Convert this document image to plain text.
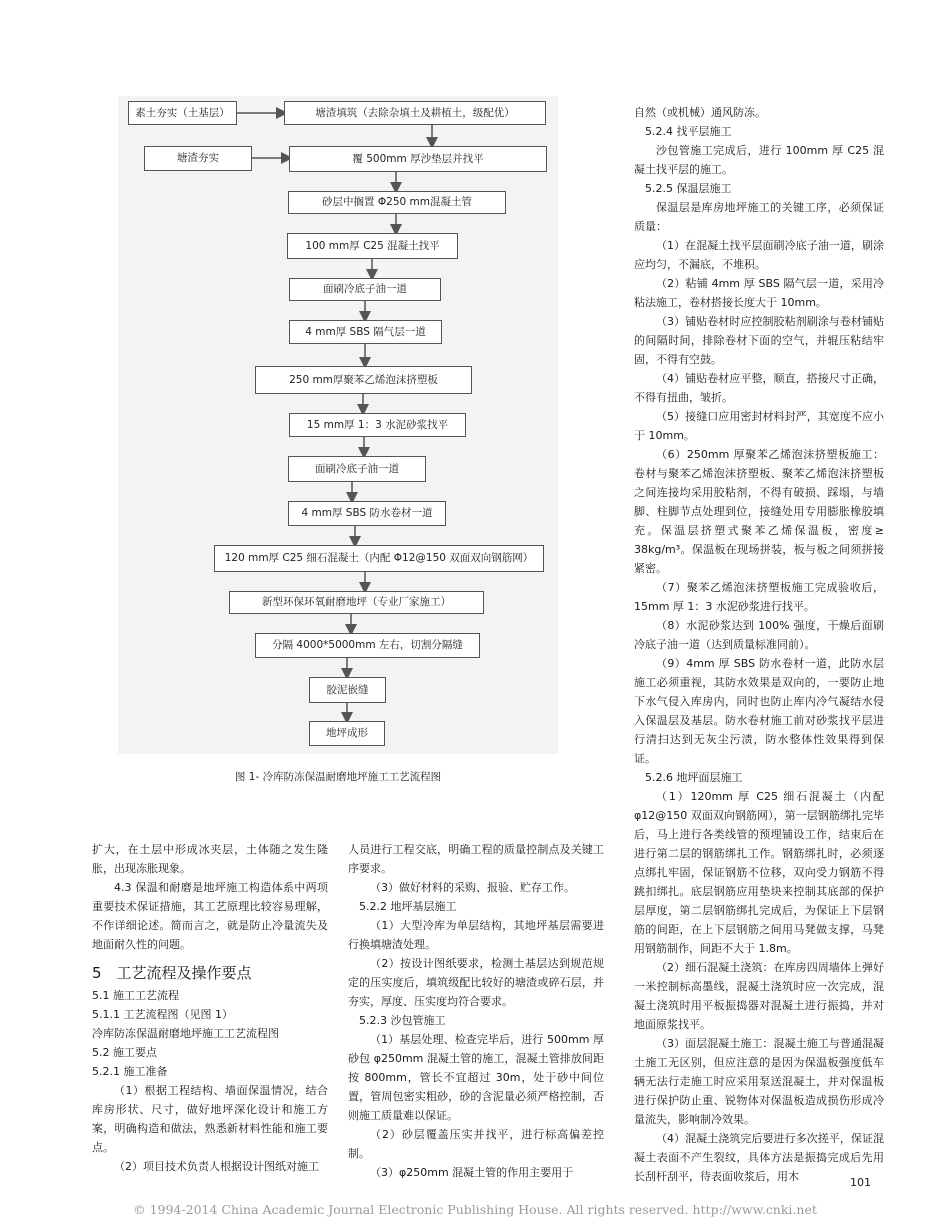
素土夯实（土基层）	塘渣填筑（去除杂填土及耕植土，级配优）
塘渣夯实	覆 500mm 厚沙垫层并找平
砂层中搁置 Φ250 mm混凝土管
100 mm厚 C25 混凝土找平
面刷冷底子油一道
4 mm厚 SBS 隔气层一道
250 mm厚聚苯乙烯泡沫挤塑板
15 mm厚 1：3 水泥砂浆找平
面刷冷底子油一道
4 mm厚 SBS 防水卷材一道
120 mm厚 C25 细石混凝土（内配 Φ12@150 双面双向钢筋网）
新型环保环氧耐磨地坪（专业厂家施工）
分隔 4000*5000mm 左右，切割分隔缝
胶泥嵌缝
地坪成形
图 1- 冷库防冻保温耐磨地坪施工工艺流程图

扩大，在土层中形成冰夹层，土体随之发生隆胀，出现冻胀现象。

4.3 保温和耐磨是地坪施工构造体系中两项重要技术保证措施，其工艺原理比较容易理解，不作详细论述。简而言之，就是防止冷量流失及地面耐久性的问题。

5　工艺流程及操作要点

5.1 施工工艺流程

5.1.1 工艺流程图（见图 1）

冷库防冻保温耐磨地坪施工工艺流程图

5.2 施工要点

5.2.1 施工准备

（1）根据工程结构、墙面保温情况，结合库房形状、尺寸，做好地坪深化设计和施工方案，明确构造和做法，熟悉新材料性能和施工要点。

（2）项目技术负责人根据设计图纸对施工

人员进行工程交底，明确工程的质量控制点及关键工序要求。

（3）做好材料的采购、报验、贮存工作。

5.2.2 地坪基层施工

（1）大型冷库为单层结构，其地坪基层需要进行换填塘渣处理。

（2）按设计图纸要求，检测土基层达到规范规定的压实度后，填筑级配比较好的塘渣或碎石层，并夯实，厚度、压实度均符合要求。

5.2.3 沙包管施工

（1）基层处理、检查完毕后，进行 500mm 厚砂包 φ250mm 混凝土管的施工，混凝土管排放间距按 800mm，管长不宜超过 30m，处于砂中间位置，管周包密实粗砂，砂的含泥量必须严格控制，否则施工质量难以保证。

（2）砂层覆盖压实并找平，进行标高偏差控制。

（3）φ250mm 混凝土管的作用主要用于

自然（或机械）通风防冻。

5.2.4 找平层施工

沙包管施工完成后，进行 100mm 厚 C25 混凝土找平层的施工。

5.2.5 保温层施工

保温层是库房地坪施工的关键工序，必须保证质量：

（1）在混凝土找平层面刷冷底子油一道，刷涂应均匀，不漏底，不堆积。

（2）粘铺 4mm 厚 SBS 隔气层一道，采用冷粘法施工，卷材搭接长度大于 10mm。

（3）铺贴卷材时应控制胶粘剂刷涂与卷材铺贴的间隔时间，排除卷材下面的空气，并辊压粘结牢固，不得有空鼓。

（4）铺贴卷材应平整，顺直，搭接尺寸正确，不得有扭曲，皱折。

（5）接缝口应用密封材料封严，其宽度不应小于 10mm。

（6）250mm 厚聚苯乙烯泡沫挤塑板施工：卷材与聚苯乙烯泡沫挤塑板、聚苯乙烯泡沫挤塑板之间连接均采用胶粘剂，不得有破损、踩塌，与墙脚、柱脚节点处理到位，接缝处用专用膨胀橡胶填充。保温层挤塑式聚苯乙烯保温板，密度≥ 38kg/m³。保温板在现场拼装，板与板之间须拼接紧密。

（7）聚苯乙烯泡沫挤塑板施工完成验收后，15mm 厚 1：3 水泥砂浆进行找平。

（8）水泥砂浆达到 100% 强度，干燥后面刷冷底子油一道（达到质量标准同前）。

（9）4mm 厚 SBS 防水卷材一道，此防水层施工必须重视，其防水效果是双向的，一要防止地下水气侵入库房内，同时也防止库内冷气凝结水侵入保温层及基层。防水卷材施工前对砂浆找平层进行清扫达到无灰尘污渍，防水整体性效果得到保证。

5.2.6 地坪面层施工

（1）120mm 厚 C25 细石混凝土（内配 φ12@150 双面双向钢筋网），第一层钢筋绑扎完毕后，马上进行各类线管的预埋铺设工作，结束后在进行第二层的钢筋绑扎工作。钢筋绑扎时，必须逐点绑扎牢固，保证钢筋不位移，双向受力钢筋不得跳扣绑扎。底层钢筋应用垫块来控制其底部的保护层厚度，第二层钢筋绑扎完成后，为保证上下层钢筋的间距，在上下层钢筋之间用马凳做支撑，马凳用钢筋制作，间距不大于 1.8m。

（2）细石混凝土浇筑：在库房四周墙体上弹好一米控制标高墨线，混凝土浇筑时应一次完成，混凝土浇筑时用平板振捣器对混凝土进行振捣，并对地面原浆找平。

（3）面层混凝土施工：混凝土施工与普通混凝土施工无区别，但应注意的是因为保温板强度低车辆无法行走施工时应采用泵送混凝土，并对保温板进行保护防止重、锐物体对保温板造成损伤形成冷量流失，影响制冷效果。

（4）混凝土浇筑完后要进行多次搓平，保证混凝土表面不产生裂纹，具体方法是振捣完成后先用长刮杆刮平，待表面收浆后，用木	101
© 1994-2014 China Academic Journal Electronic Publishing House. All rights reserved. http://www.cnki.net
